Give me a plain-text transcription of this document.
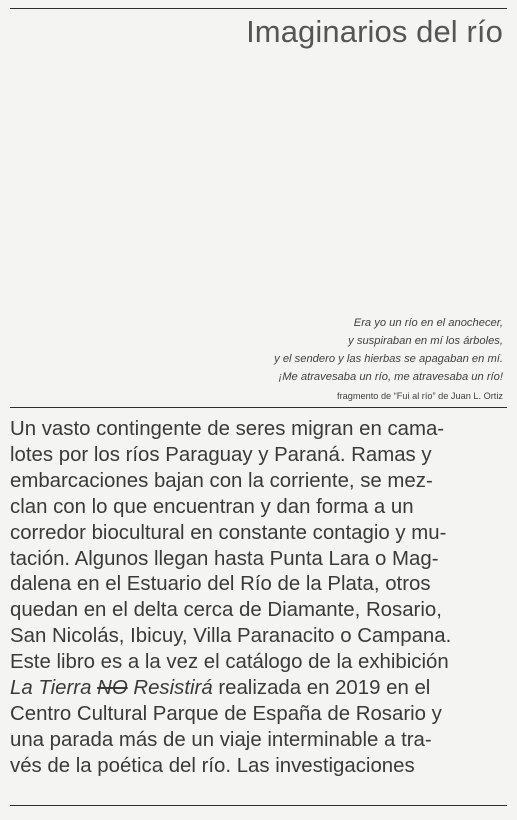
Imaginarios del río
Era yo un río en el anochecer,
y suspiraban en mí los árboles,
y el sendero y las hierbas se apagaban en mí.
¡Me atravesaba un río, me atravesaba un río!
fragmento de “Fui al río” de Juan L. Ortiz
Un vasto contingente de seres migran en cama-
lotes por los ríos Paraguay y Paraná. Ramas y
embarcaciones bajan con la corriente, se mez-
clan con lo que encuentran y dan forma a un
corredor biocultural en constante contagio y mu-
tación. Algunos llegan hasta Punta Lara o Mag-
dalena en el Estuario del Río de la Plata, otros
quedan en el delta cerca de Diamante, Rosario,
San Nicolás, Ibicuy, Villa Paranacito o Campana.
Este libro es a la vez el catálogo de la exhibición
La Tierra NO Resistirá realizada en 2019 en el
Centro Cultural Parque de España de Rosario y
una parada más de un viaje interminable a tra-
vés de la poética del río. Las investigaciones
